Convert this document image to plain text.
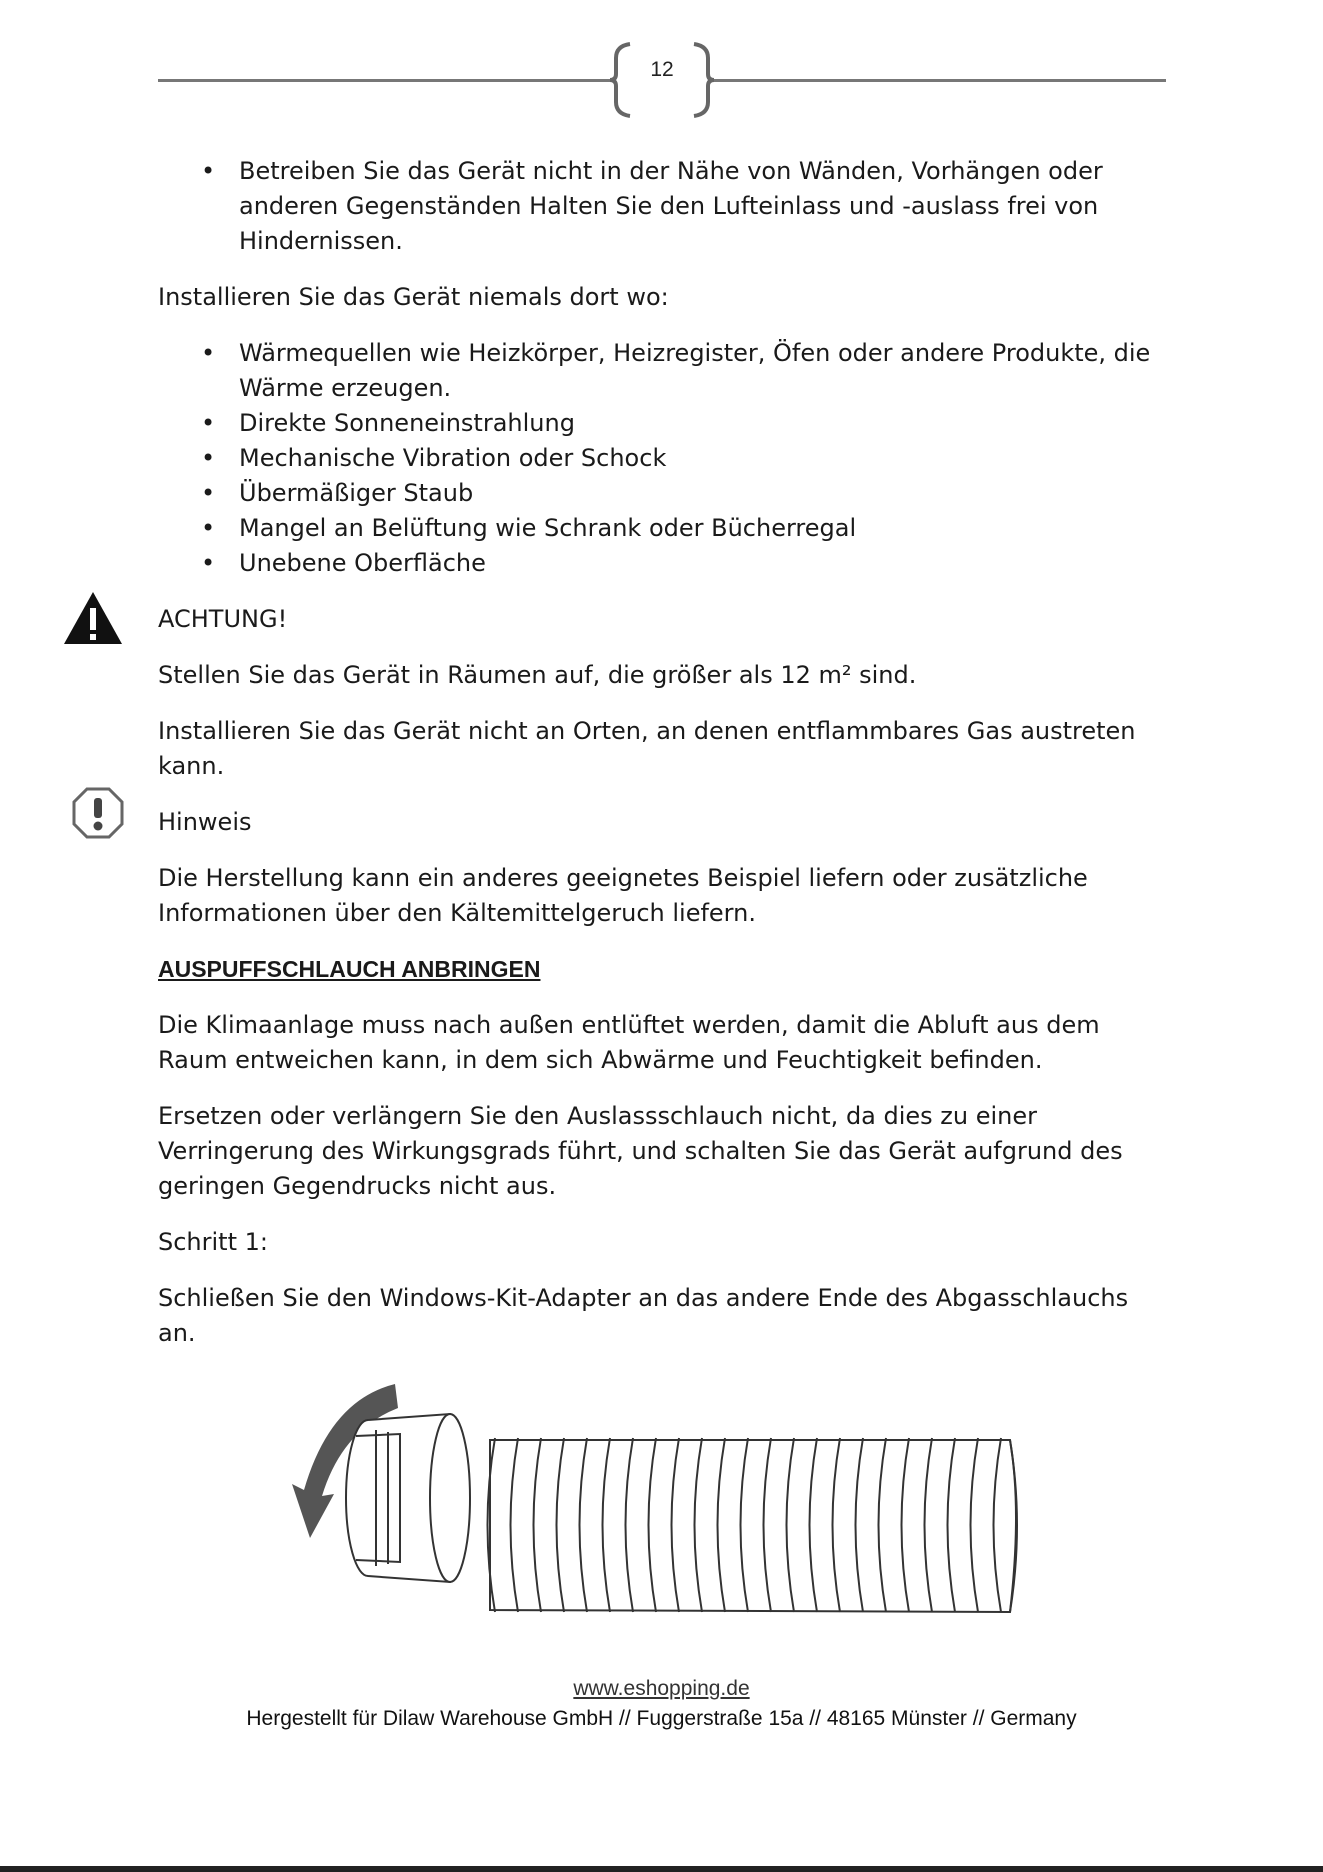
12
• Betreiben Sie das Gerät nicht in der Nähe von Wänden, Vorhängen oder anderen Gegenständen Halten Sie den Lufteinlass und -auslass frei von Hindernissen.

Installieren Sie das Gerät niemals dort wo:

• Wärmequellen wie Heizkörper, Heizregister, Öfen oder andere Produkte, die Wärme erzeugen.
• Direkte Sonneneinstrahlung
• Mechanische Vibration oder Schock
• Übermäßiger Staub
• Mangel an Belüftung wie Schrank oder Bücherregal
• Unebene Oberfläche

ACHTUNG!

Stellen Sie das Gerät in Räumen auf, die größer als 12 m² sind.

Installieren Sie das Gerät nicht an Orten, an denen entflammbares Gas austreten kann.

Hinweis

Die Herstellung kann ein anderes geeignetes Beispiel liefern oder zusätzliche Informationen über den Kältemittelgeruch liefern.

AUSPUFFSCHLAUCH ANBRINGEN

Die Klimaanlage muss nach außen entlüftet werden, damit die Abluft aus dem Raum entweichen kann, in dem sich Abwärme und Feuchtigkeit befinden.

Ersetzen oder verlängern Sie den Auslassschlauch nicht, da dies zu einer Verringerung des Wirkungsgrads führt, und schalten Sie das Gerät aufgrund des geringen Gegendrucks nicht aus.

Schritt 1:

Schließen Sie den Windows-Kit-Adapter an das andere Ende des Abgasschlauchs an.

www.eshopping.de
Hergestellt für Dilaw Warehouse GmbH // Fuggerstraße 15a // 48165 Münster // Germany
